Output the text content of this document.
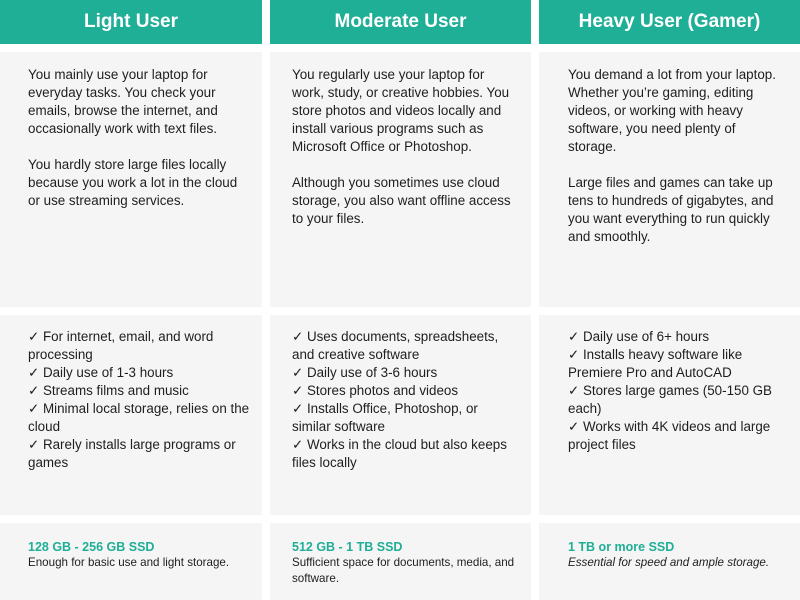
Light User

You mainly use your laptop for everyday tasks. You check your emails, browse the internet, and occasionally work with text files.

You hardly store large files locally because you work a lot in the cloud or use streaming services.

✓ For internet, email, and word processing
✓ Daily use of 1-3 hours
✓ Streams films and music
✓ Minimal local storage, relies on the cloud
✓ Rarely installs large programs or games
128 GB - 256 GB SSD
Enough for basic use and light storage.
Moderate User

You regularly use your laptop for work, study, or creative hobbies. You store photos and videos locally and install various programs such as Microsoft Office or Photoshop.

Although you sometimes use cloud storage, you also want offline access to your files.

✓ Uses documents, spreadsheets, and creative software
✓ Daily use of 3-6 hours
✓ Stores photos and videos
✓ Installs Office, Photoshop, or similar software
✓ Works in the cloud but also keeps files locally
512 GB - 1 TB SSD
Sufficient space for documents, media, and software.
Heavy User (Gamer)

You demand a lot from your laptop. Whether you’re gaming, editing videos, or working with heavy software, you need plenty of storage.

Large files and games can take up tens to hundreds of gigabytes, and you want everything to run quickly and smoothly.

✓ Daily use of 6+ hours
✓ Installs heavy software like Premiere Pro and AutoCAD
✓ Stores large games (50-150 GB each)
✓ Works with 4K videos and large project files
1 TB or more SSD
Essential for speed and ample storage.
